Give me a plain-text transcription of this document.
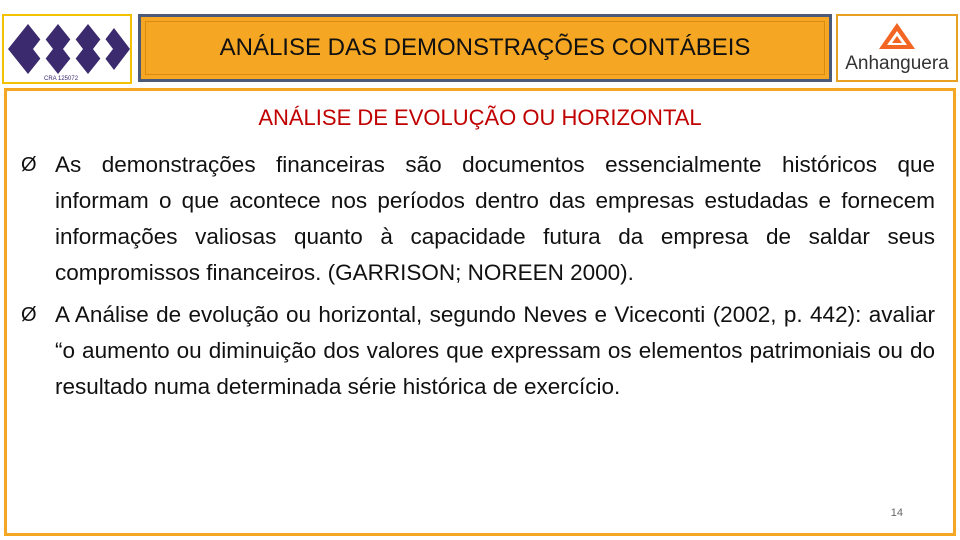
Prof. Sisino Sira
CRA 125072
ANÁLISE DAS DEMONSTRAÇÕES CONTÁBEIS
Anhanguera
ANÁLISE DE EVOLUÇÃO OU HORIZONTAL
Ø As demonstrações financeiras são documentos essencialmente históricos que informam o que acontece nos períodos dentro das empresas estudadas e fornecem informações valiosas quanto à capacidade futura da empresa de saldar seus compromissos financeiros. (GARRISON; NOREEN 2000).
Ø A Análise de evolução ou horizontal, segundo Neves e Viceconti (2002, p. 442): avaliar “o aumento ou diminuição dos valores que expressam os elementos patrimoniais ou do resultado numa determinada série histórica de exercício.
14
